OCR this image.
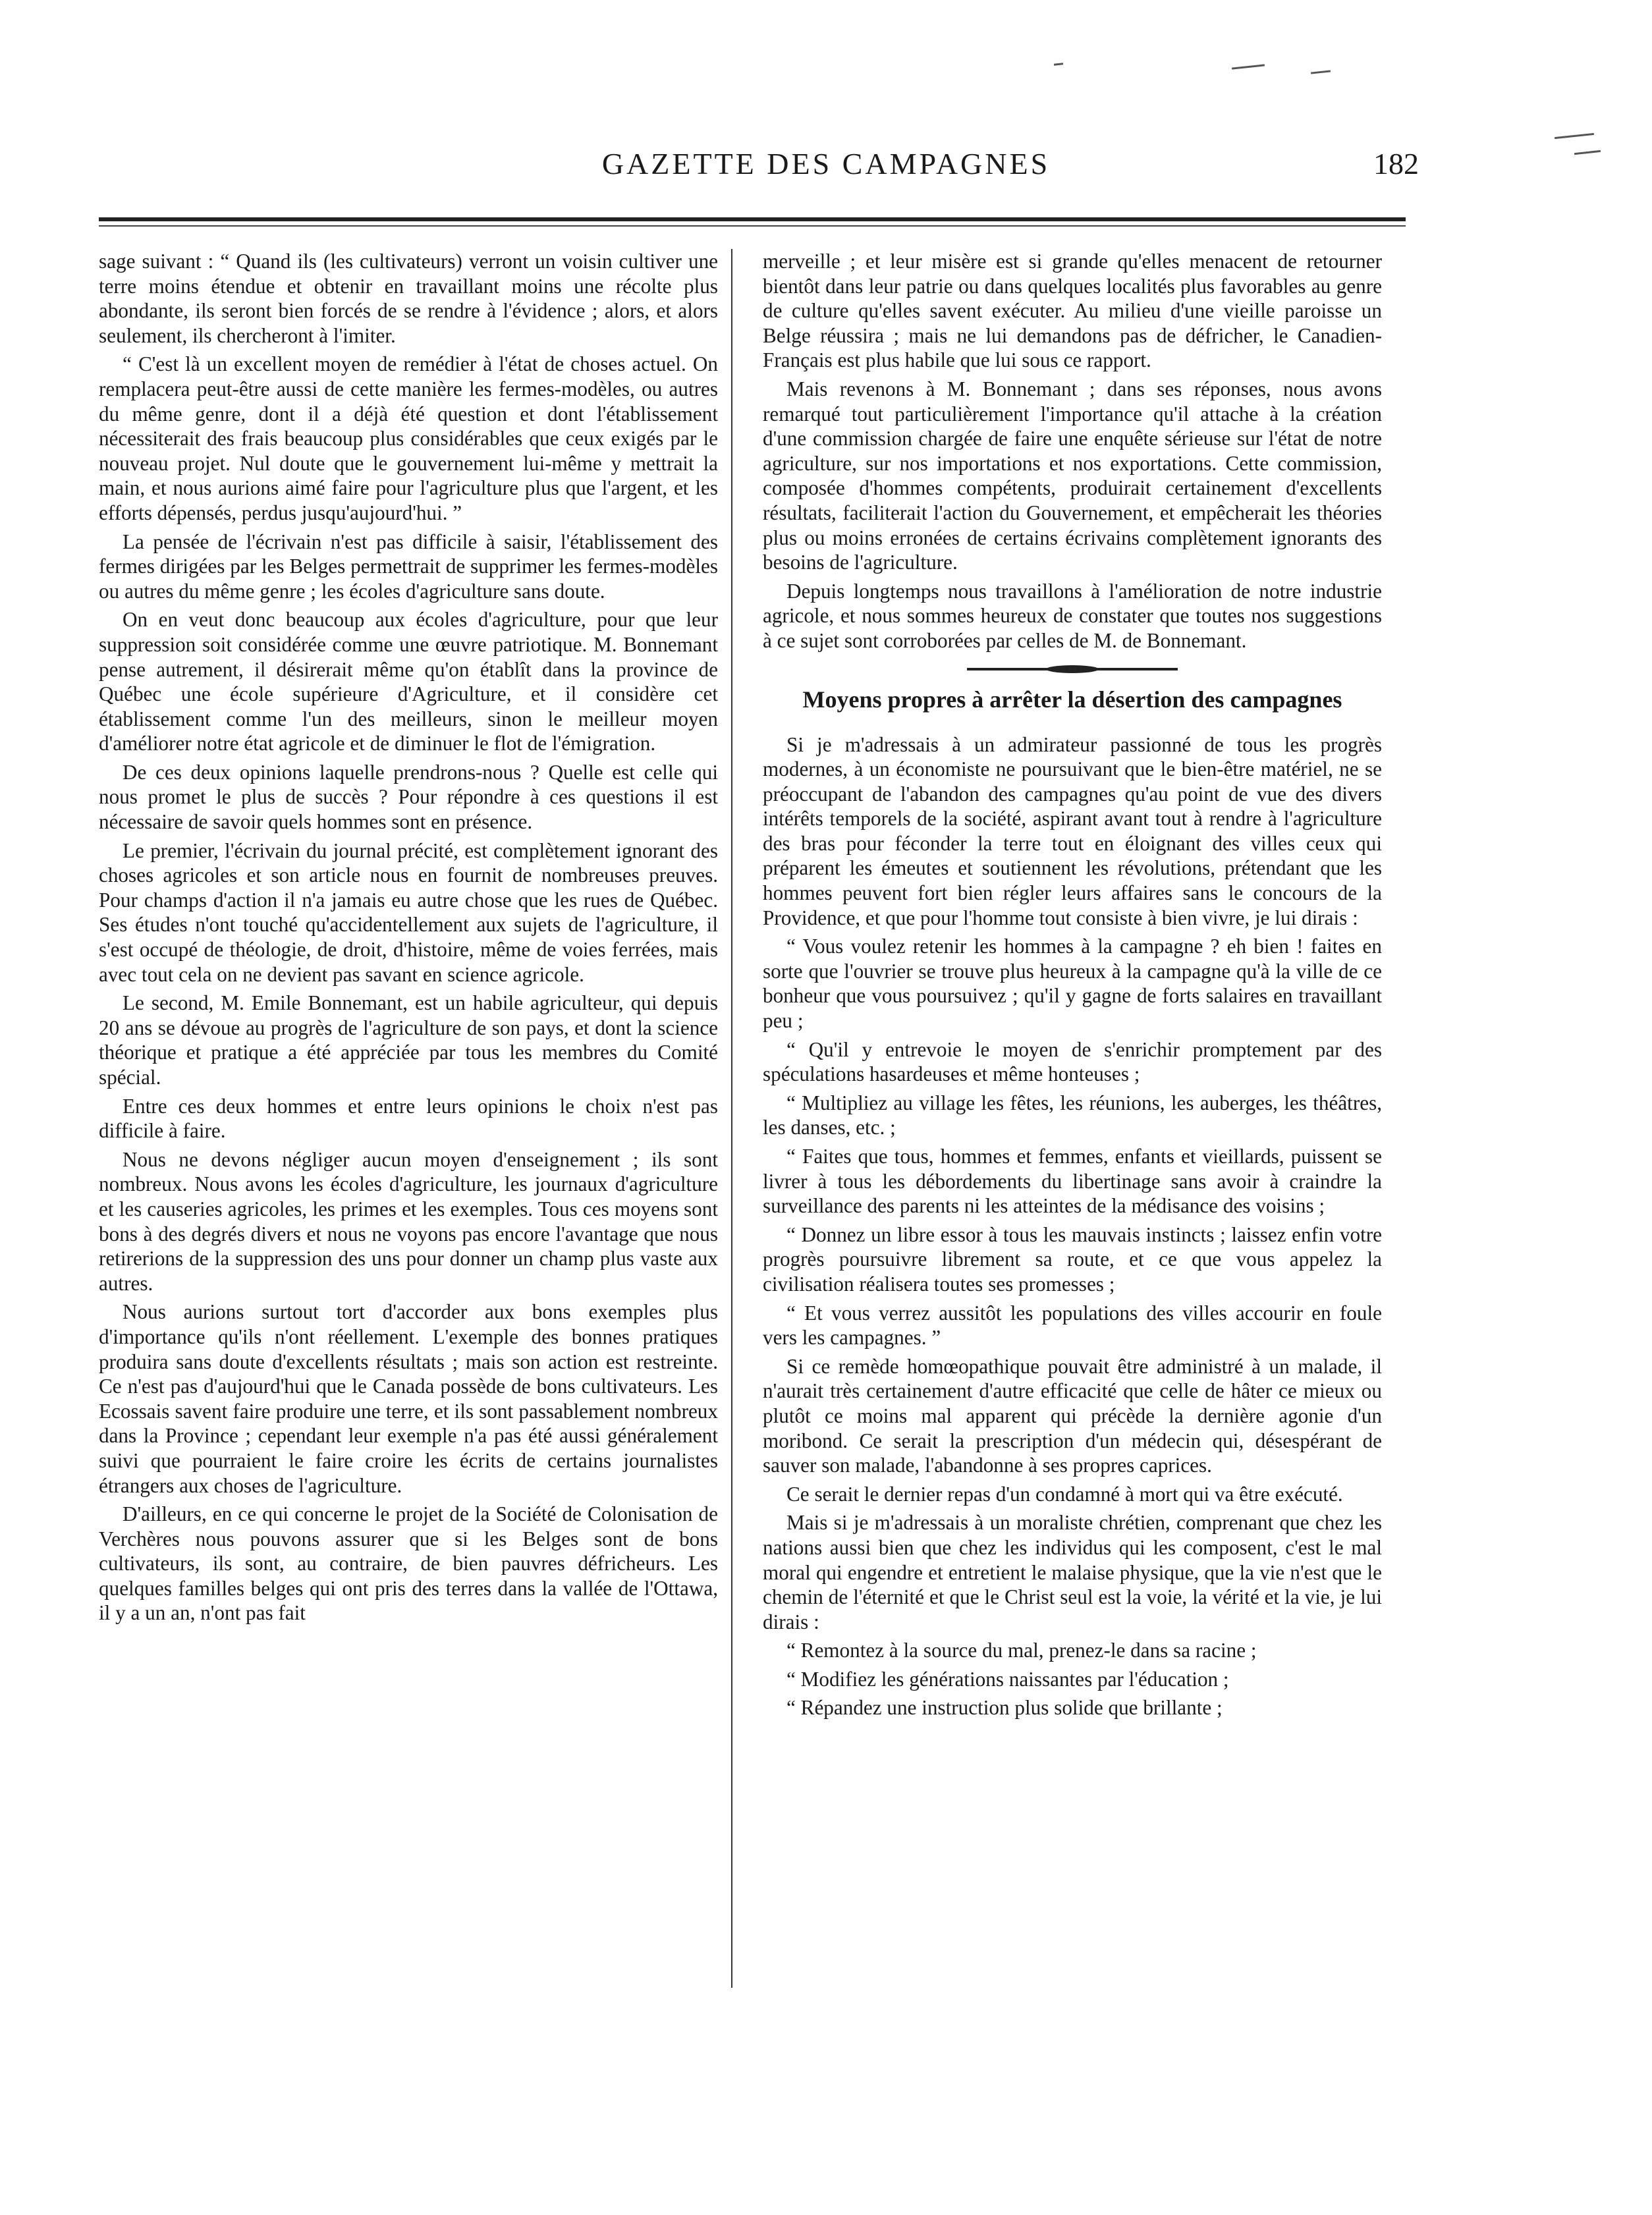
GAZETTE DES CAMPAGNES	182

sage suivant : “ Quand ils (les cultivateurs) verront un voisin cultiver une terre moins étendue et obtenir en travaillant moins une récolte plus abondante, ils seront bien forcés de se rendre à l'évidence ; alors, et alors seulement, ils chercheront à l'imiter.

“ C'est là un excellent moyen de remédier à l'état de choses actuel. On remplacera peut-être aussi de cette manière les fermes-modèles, ou autres du même genre, dont il a déjà été question et dont l'établissement nécessiterait des frais beaucoup plus considérables que ceux exigés par le nouveau projet. Nul doute que le gouvernement lui-même y mettrait la main, et nous aurions aimé faire pour l'agriculture plus que l'argent, et les efforts dépensés, perdus jusqu'aujourd'hui. ”

La pensée de l'écrivain n'est pas difficile à saisir, l'établissement des fermes dirigées par les Belges permettrait de supprimer les fermes-modèles ou autres du même genre ; les écoles d'agriculture sans doute.

On en veut donc beaucoup aux écoles d'agriculture, pour que leur suppression soit considérée comme une œuvre patriotique. M. Bonnemant pense autrement, il désirerait même qu'on établît dans la province de Québec une école supérieure d'Agriculture, et il considère cet établissement comme l'un des meilleurs, sinon le meilleur moyen d'améliorer notre état agricole et de diminuer le flot de l'émigration.

De ces deux opinions laquelle prendrons-nous ? Quelle est celle qui nous promet le plus de succès ? Pour répondre à ces questions il est nécessaire de savoir quels hommes sont en présence.

Le premier, l'écrivain du journal précité, est complètement ignorant des choses agricoles et son article nous en fournit de nombreuses preuves. Pour champs d'action il n'a jamais eu autre chose que les rues de Québec. Ses études n'ont touché qu'accidentellement aux sujets de l'agriculture, il s'est occupé de théologie, de droit, d'histoire, même de voies ferrées, mais avec tout cela on ne devient pas savant en science agricole.

Le second, M. Emile Bonnemant, est un habile agriculteur, qui depuis 20 ans se dévoue au progrès de l'agriculture de son pays, et dont la science théorique et pratique a été appréciée par tous les membres du Comité spécial.

Entre ces deux hommes et entre leurs opinions le choix n'est pas difficile à faire.

Nous ne devons négliger aucun moyen d'enseignement ; ils sont nombreux. Nous avons les écoles d'agriculture, les journaux d'agriculture et les causeries agricoles, les primes et les exemples. Tous ces moyens sont bons à des degrés divers et nous ne voyons pas encore l'avantage que nous retirerions de la suppression des uns pour donner un champ plus vaste aux autres.

Nous aurions surtout tort d'accorder aux bons exemples plus d'importance qu'ils n'ont réellement. L'exemple des bonnes pratiques produira sans doute d'excellents résultats ; mais son action est restreinte. Ce n'est pas d'aujourd'hui que le Canada possède de bons cultivateurs. Les Ecossais savent faire produire une terre, et ils sont passablement nombreux dans la Province ; cependant leur exemple n'a pas été aussi généralement suivi que pourraient le faire croire les écrits de certains journalistes étrangers aux choses de l'agriculture.

D'ailleurs, en ce qui concerne le projet de la Société de Colonisation de Verchères nous pouvons assurer que si les Belges sont de bons cultivateurs, ils sont, au contraire, de bien pauvres défricheurs. Les quelques familles belges qui ont pris des terres dans la vallée de l'Ottawa, il y a un an, n'ont pas fait

merveille ; et leur misère est si grande qu'elles menacent de retourner bientôt dans leur patrie ou dans quelques localités plus favorables au genre de culture qu'elles savent exécuter. Au milieu d'une vieille paroisse un Belge réussira ; mais ne lui demandons pas de défricher, le Canadien-Français est plus habile que lui sous ce rapport.

Mais revenons à M. Bonnemant ; dans ses réponses, nous avons remarqué tout particulièrement l'importance qu'il attache à la création d'une commission chargée de faire une enquête sérieuse sur l'état de notre agriculture, sur nos importations et nos exportations. Cette commission, composée d'hommes compétents, produirait certainement d'excellents résultats, faciliterait l'action du Gouvernement, et empêcherait les théories plus ou moins erronées de certains écrivains complètement ignorants des besoins de l'agriculture.

Depuis longtemps nous travaillons à l'amélioration de notre industrie agricole, et nous sommes heureux de constater que toutes nos suggestions à ce sujet sont corroborées par celles de M. de Bonnemant.

Moyens propres à arrêter la désertion des campagnes

Si je m'adressais à un admirateur passionné de tous les progrès modernes, à un économiste ne poursuivant que le bien-être matériel, ne se préoccupant de l'abandon des campagnes qu'au point de vue des divers intérêts temporels de la société, aspirant avant tout à rendre à l'agriculture des bras pour féconder la terre tout en éloignant des villes ceux qui préparent les émeutes et soutiennent les révolutions, prétendant que les hommes peuvent fort bien régler leurs affaires sans le concours de la Providence, et que pour l'homme tout consiste à bien vivre, je lui dirais :

“ Vous voulez retenir les hommes à la campagne ? eh bien ! faites en sorte que l'ouvrier se trouve plus heureux à la campagne qu'à la ville de ce bonheur que vous poursuivez ; qu'il y gagne de forts salaires en travaillant peu ;

“ Qu'il y entrevoie le moyen de s'enrichir promptement par des spéculations hasardeuses et même honteuses ;

“ Multipliez au village les fêtes, les réunions, les auberges, les théâtres, les danses, etc. ;

“ Faites que tous, hommes et femmes, enfants et vieillards, puissent se livrer à tous les débordements du libertinage sans avoir à craindre la surveillance des parents ni les atteintes de la médisance des voisins ;

“ Donnez un libre essor à tous les mauvais instincts ; laissez enfin votre progrès poursuivre librement sa route, et ce que vous appelez la civilisation réalisera toutes ses promesses ;

“ Et vous verrez aussitôt les populations des villes accourir en foule vers les campagnes. ”

Si ce remède homœopathique pouvait être administré à un malade, il n'aurait très certainement d'autre efficacité que celle de hâter ce mieux ou plutôt ce moins mal apparent qui précède la dernière agonie d'un moribond. Ce serait la prescription d'un médecin qui, désespérant de sauver son malade, l'abandonne à ses propres caprices.

Ce serait le dernier repas d'un condamné à mort qui va être exécuté.

Mais si je m'adressais à un moraliste chrétien, comprenant que chez les nations aussi bien que chez les individus qui les composent, c'est le mal moral qui engendre et entretient le malaise physique, que la vie n'est que le chemin de l'éternité et que le Christ seul est la voie, la vérité et la vie, je lui dirais :

“ Remontez à la source du mal, prenez-le dans sa racine ;

“ Modifiez les générations naissantes par l'éducation ;

“ Répandez une instruction plus solide que brillante ;
